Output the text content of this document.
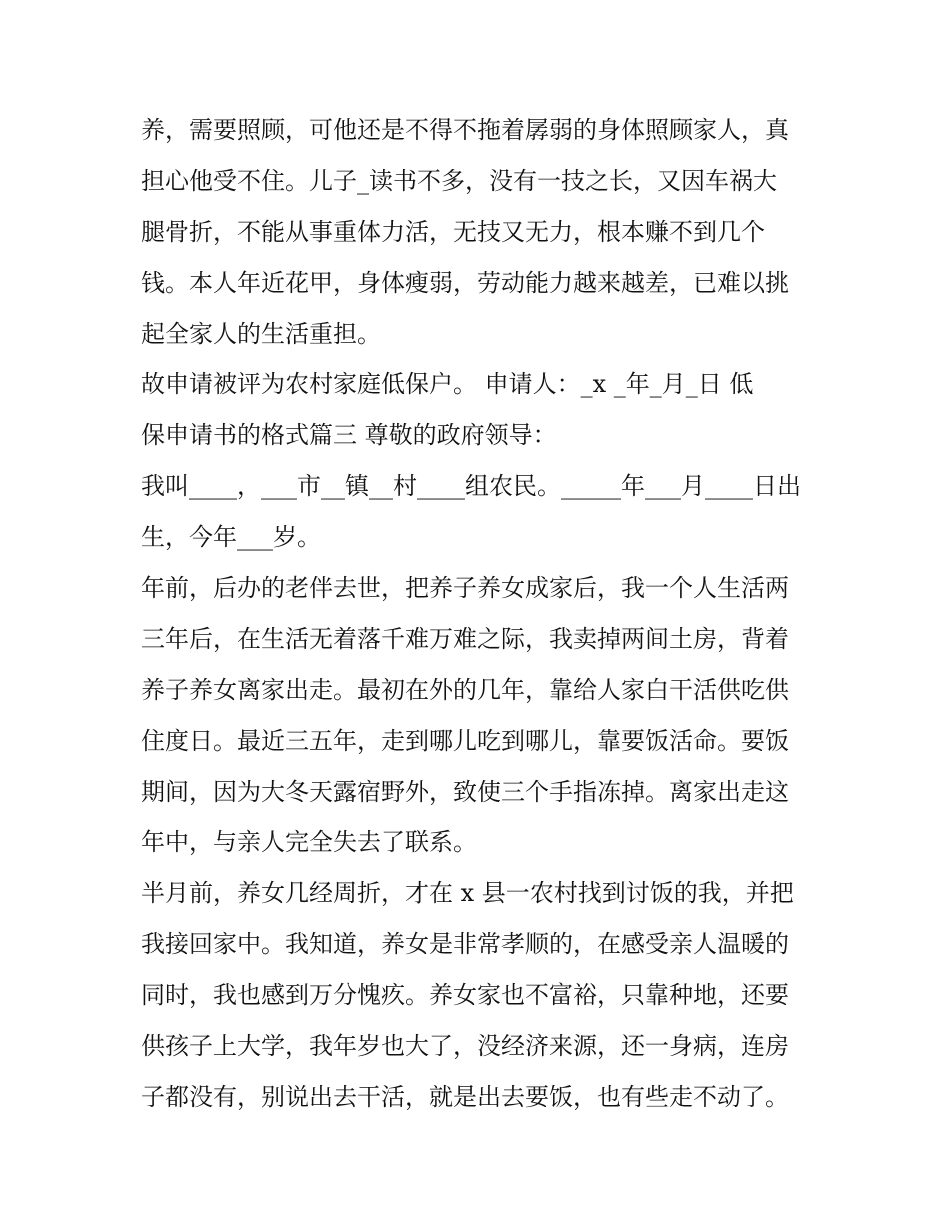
养，需要照顾，可他还是不得不拖着孱弱的身体照顾家人，真

担心他受不住。儿子_读书不多，没有一技之长，又因车祸大

腿骨折，不能从事重体力活，无技又无力，根本赚不到几个

钱。本人年近花甲，身体瘦弱，劳动能力越来越差，已难以挑

起全家人的生活重担。

故申请被评为农村家庭低保户。 申请人：_x _年_月_日 低

保申请书的格式篇三 尊敬的政府领导：

我叫____，___市__镇__村____组农民。_____年___月____日出

生，今年___岁。

年前，后办的老伴去世，把养子养女成家后，我一个人生活两

三年后，在生活无着落千难万难之际，我卖掉两间土房，背着

养子养女离家出走。最初在外的几年，靠给人家白干活供吃供

住度日。最近三五年，走到哪儿吃到哪儿，靠要饭活命。要饭

期间，因为大冬天露宿野外，致使三个手指冻掉。离家出走这

年中，与亲人完全失去了联系。

半月前，养女几经周折，才在 x 县一农村找到讨饭的我，并把

我接回家中。我知道，养女是非常孝顺的，在感受亲人温暖的

同时，我也感到万分愧疚。养女家也不富裕，只靠种地，还要

供孩子上大学，我年岁也大了，没经济来源，还一身病，连房

子都没有，别说出去干活，就是出去要饭，也有些走不动了。
